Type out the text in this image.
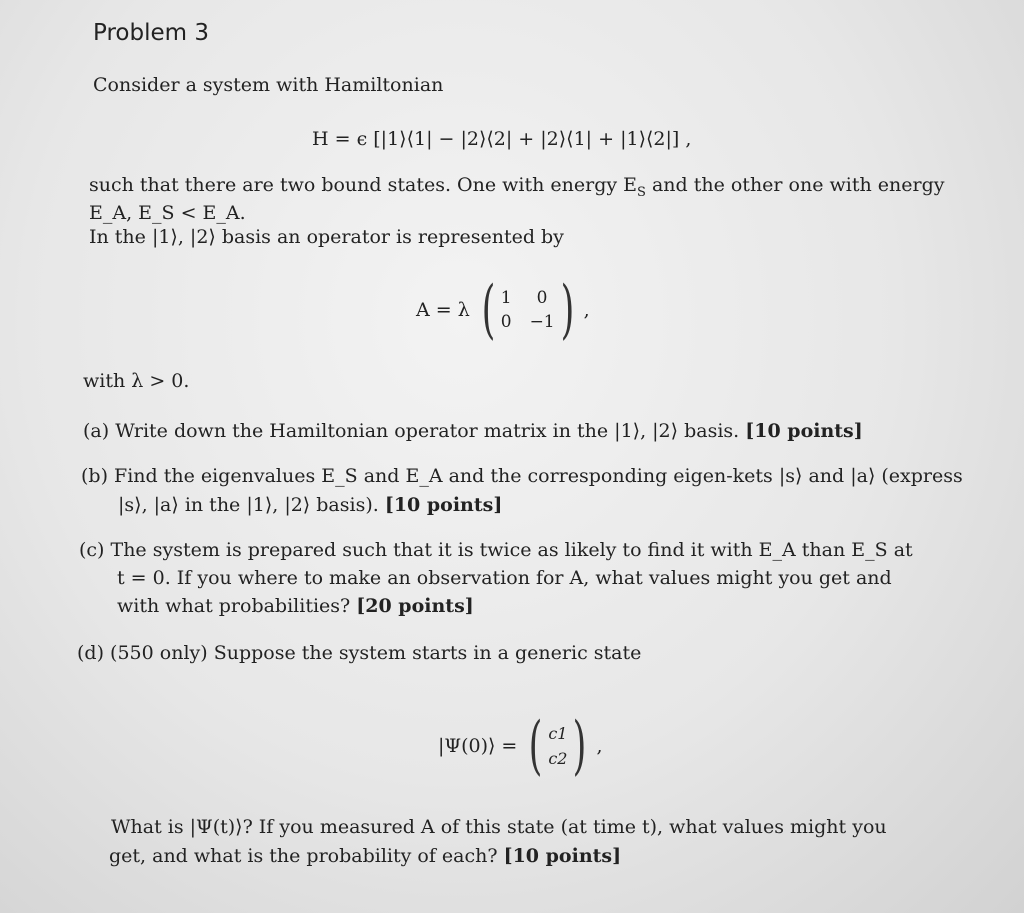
Problem 3
Consider a system with Hamiltonian
H = ϵ [|1⟩⟨1| − |2⟩⟨2| + |2⟩⟨1| + |1⟩⟨2|] ,
such that there are two bound states. One with energy $E_S$ and the other one with energy
E_A, E_S < E_A.
In the |1⟩, |2⟩ basis an operator is represented by
A = λ ( 1	0
0 −1 ) ,
with λ > 0.
(a) Write down the Hamiltonian operator matrix in the |1⟩, |2⟩ basis. [10 points]
(b) Find the eigenvalues E_S and E_A and the corresponding eigen-kets |s⟩ and |a⟩ (express
|s⟩, |a⟩ in the |1⟩, |2⟩ basis). [10 points]
(c) The system is prepared such that it is twice as likely to find it with E_A than E_S at
t = 0. If you where to make an observation for A, what values might you get and
with what probabilities? [20 points]
(d) (550 only) Suppose the system starts in a generic state
|Ψ(0)⟩ = ( c1
c2 ) ,
What is |Ψ(t)⟩? If you measured A of this state (at time t), what values might you
get, and what is the probability of each? [10 points]
